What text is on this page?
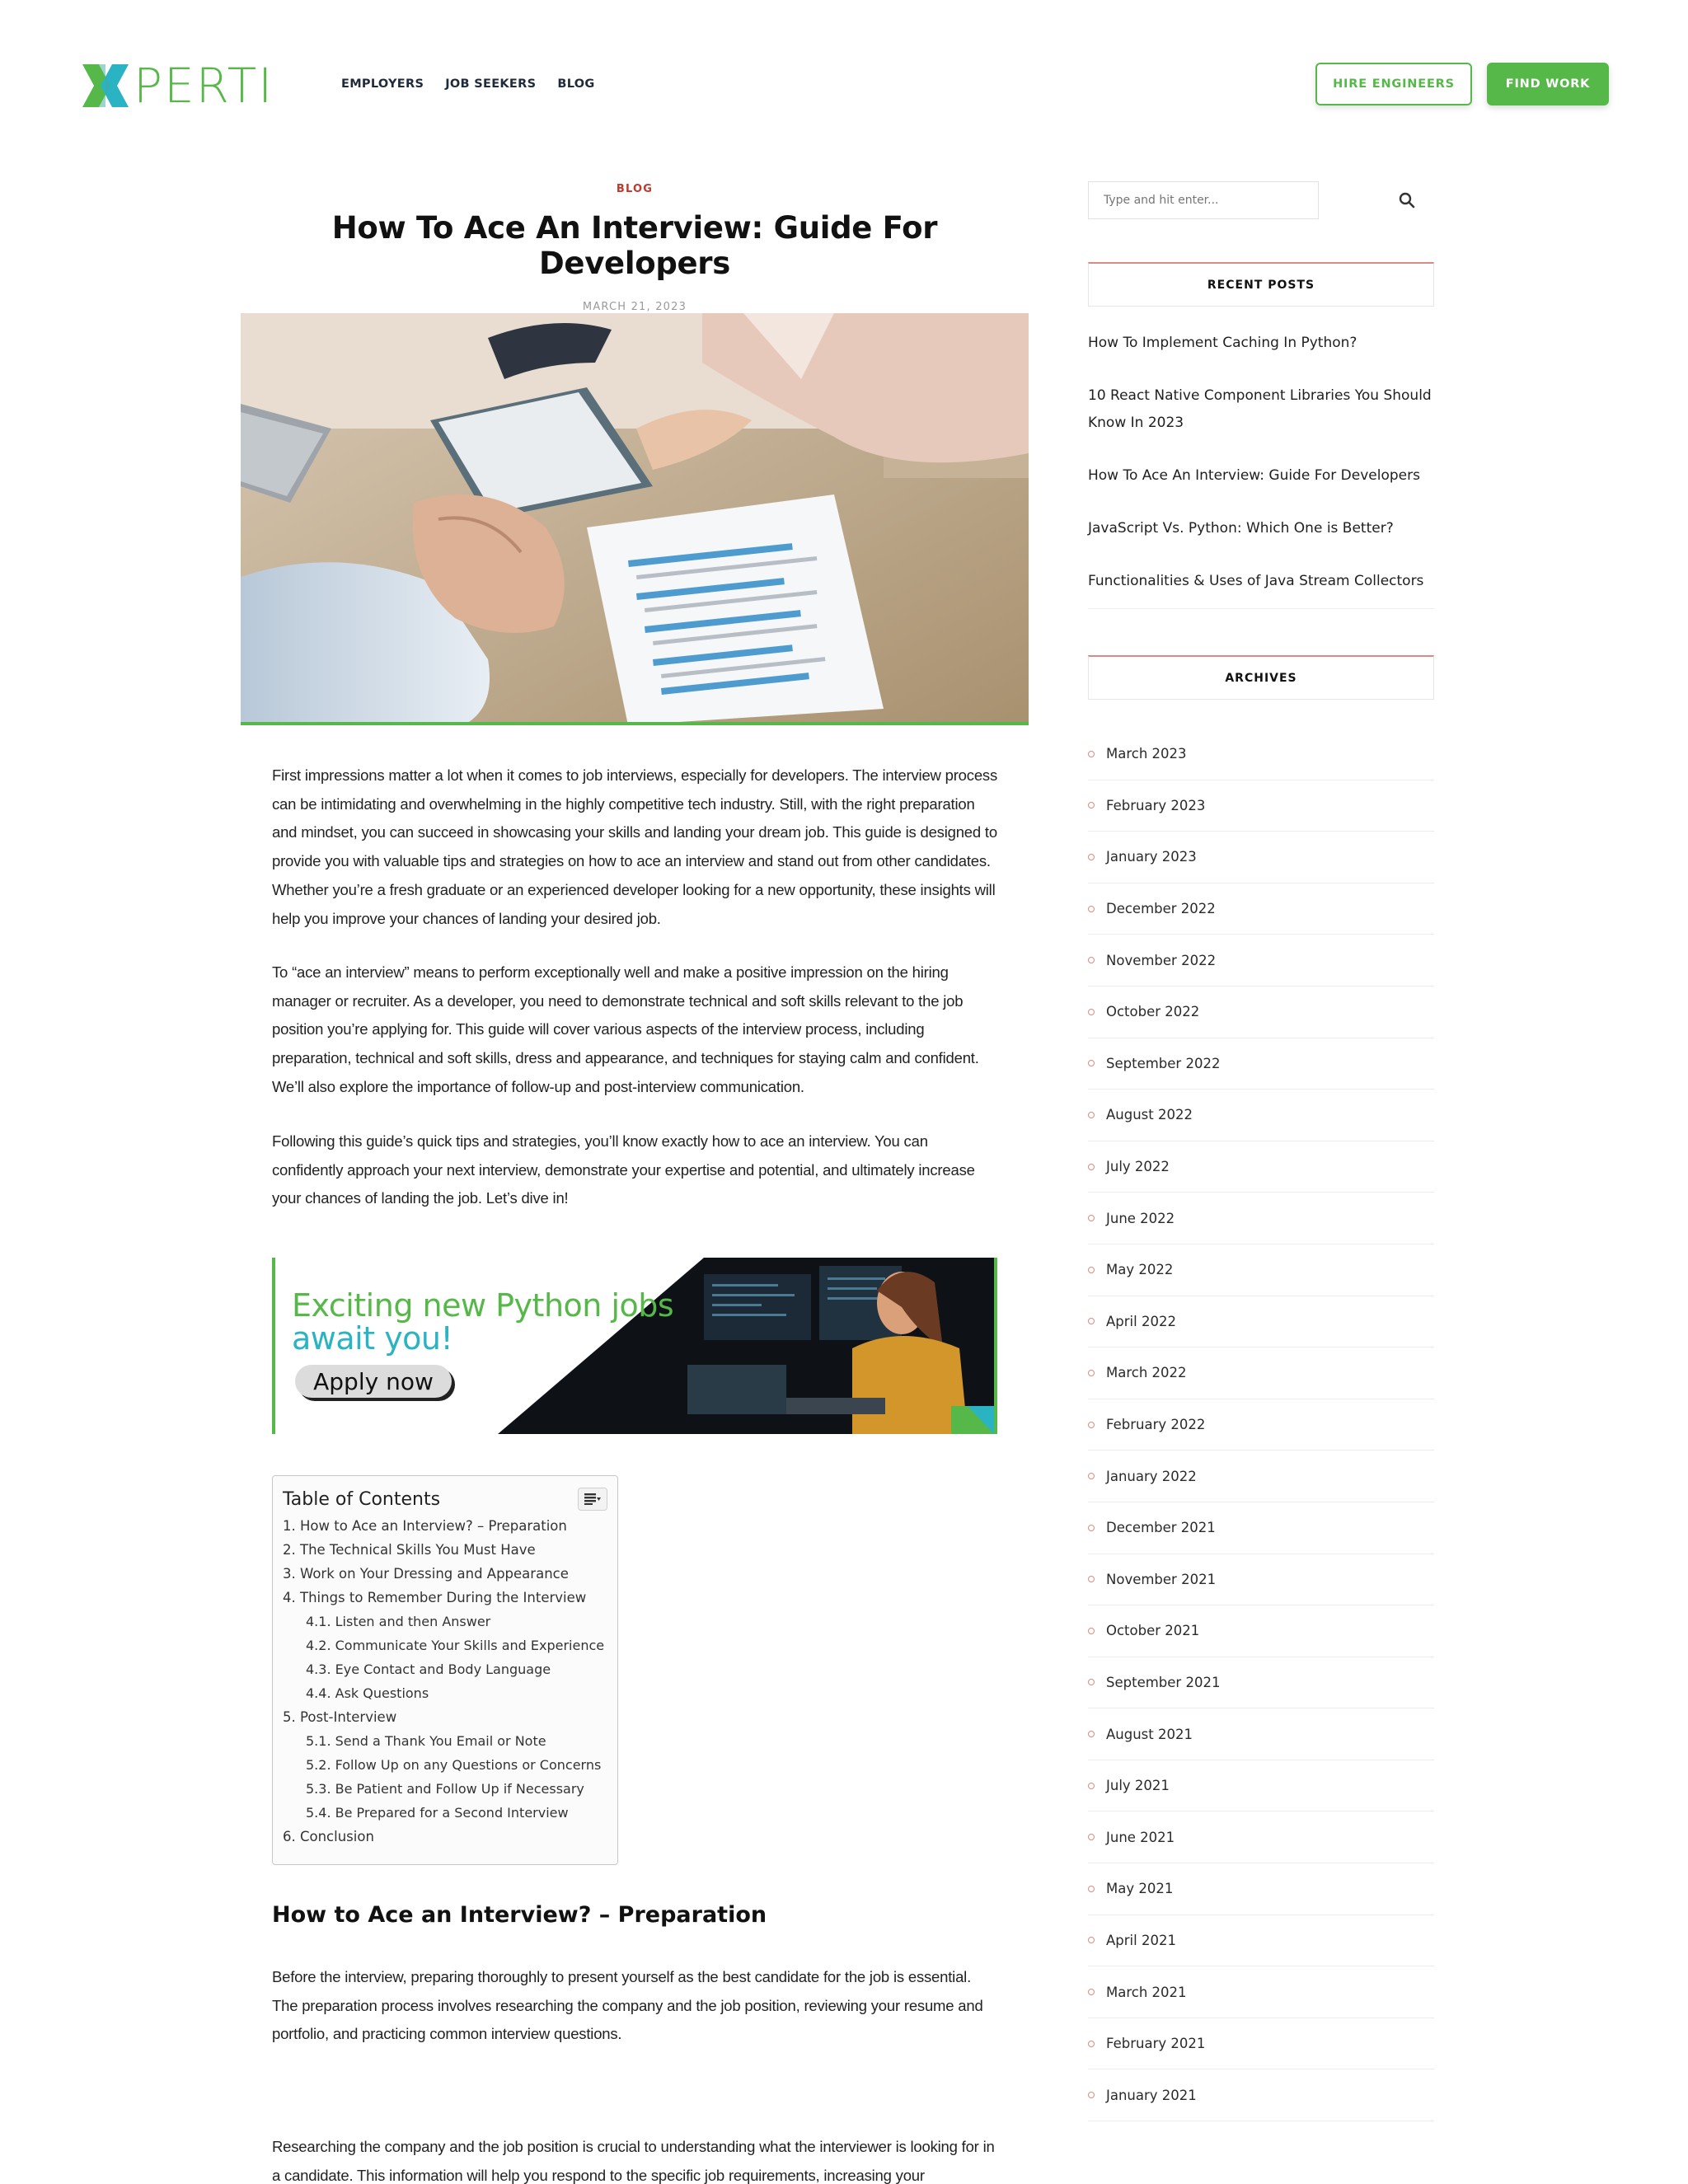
PERTI	EMPLOYERS JOB SEEKERS BLOG	HIRE ENGINEERS	FIND WORK
BLOG
How To Ace An Interview: Guide For Developers
MARCH 21, 2023

First impressions matter a lot when it comes to job interviews, especially for developers. The interview process can be intimidating and overwhelming in the highly competitive tech industry. Still, with the right preparation and mindset, you can succeed in showcasing your skills and landing your dream job. This guide is designed to provide you with valuable tips and strategies on how to ace an interview and stand out from other candidates. Whether you’re a fresh graduate or an experienced developer looking for a new opportunity, these insights will help you improve your chances of landing your desired job.

To “ace an interview” means to perform exceptionally well and make a positive impression on the hiring manager or recruiter. As a developer, you need to demonstrate technical and soft skills relevant to the job position you’re applying for. This guide will cover various aspects of the interview process, including preparation, technical and soft skills, dress and appearance, and techniques for staying calm and confident. We’ll also explore the importance of follow-up and post-interview communication.

Following this guide’s quick tips and strategies, you’ll know exactly how to ace an interview. You can confidently approach your next interview, demonstrate your expertise and potential, and ultimately increase your chances of landing the job. Let’s dive in!

Exciting new Python jobs
await you!
Apply now
Table of Contents
1. How to Ace an Interview? – Preparation
2. The Technical Skills You Must Have
3. Work on Your Dressing and Appearance
4. Things to Remember During the Interview
4.1. Listen and then Answer
4.2. Communicate Your Skills and Experience
4.3. Eye Contact and Body Language
4.4. Ask Questions
5. Post-Interview
5.1. Send a Thank You Email or Note
5.2. Follow Up on any Questions or Concerns
5.3. Be Patient and Follow Up if Necessary
5.4. Be Prepared for a Second Interview
6. Conclusion
How to Ace an Interview? – Preparation

Before the interview, preparing thoroughly to present yourself as the best candidate for the job is essential. The preparation process involves researching the company and the job position, reviewing your resume and portfolio, and practicing common interview questions.

Researching the company and the job position is crucial to understanding what the interviewer is looking for in a candidate. This information will help you respond to the specific job requirements, increasing your

Type and hit enter...
RECENT POSTS
How To Implement Caching In Python?
10 React Native Component Libraries You Should Know In 2023
How To Ace An Interview: Guide For Developers
JavaScript Vs. Python: Which One is Better?
Functionalities & Uses of Java Stream Collectors
ARCHIVES
March 2023
February 2023
January 2023
December 2022
November 2022
October 2022
September 2022
August 2022
July 2022
June 2022
May 2022
April 2022
March 2022
February 2022
January 2022
December 2021
November 2021
October 2021
September 2021
August 2021
July 2021
June 2021
May 2021
April 2021
March 2021
February 2021
January 2021
